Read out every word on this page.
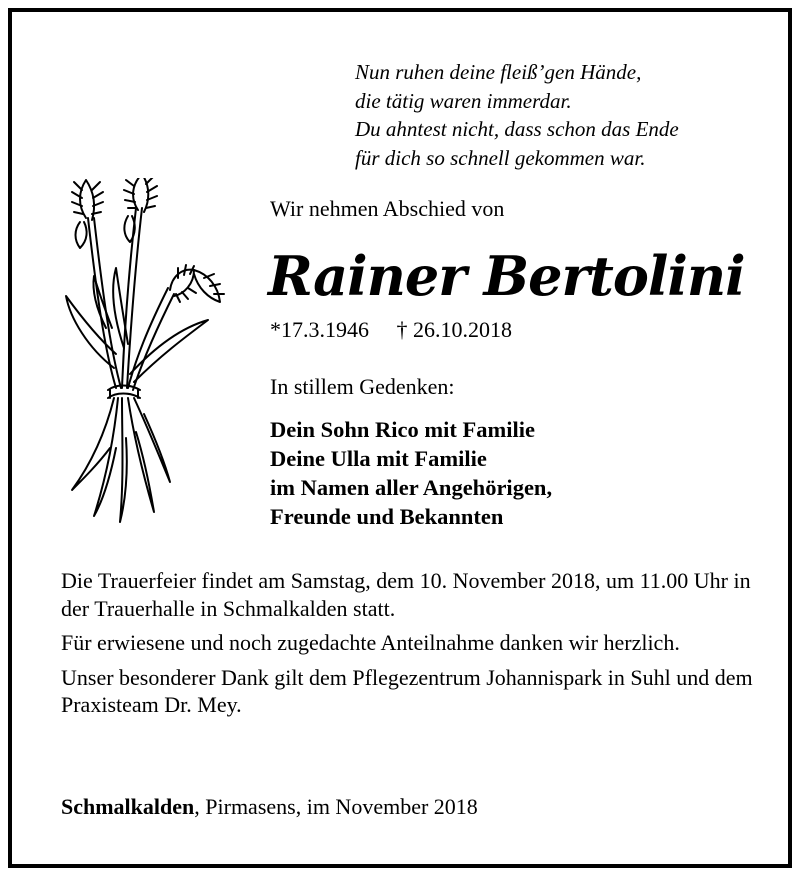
Nun ruhen deine fleiß’gen Hände,
die tätig waren immerdar.
Du ahntest nicht, dass schon das Ende
für dich so schnell gekommen war.
Wir nehmen Abschied von
Rainer Bertolini
*17.3.1946 † 26.10.2018
In stillem Gedenken:
Dein Sohn Rico mit Familie
Deine Ulla mit Familie
im Namen aller Angehörigen,
Freunde und Bekannten

Die Trauerfeier findet am Samstag, dem 10. November 2018, um 11.00 Uhr in der Trauerhalle in Schmalkalden statt.

Für erwiesene und noch zugedachte Anteilnahme danken wir herzlich.

Unser besonderer Dank gilt dem Pflegezentrum Johannispark in Suhl und dem Praxisteam Dr. Mey.

Schmalkalden, Pirmasens, im November 2018
